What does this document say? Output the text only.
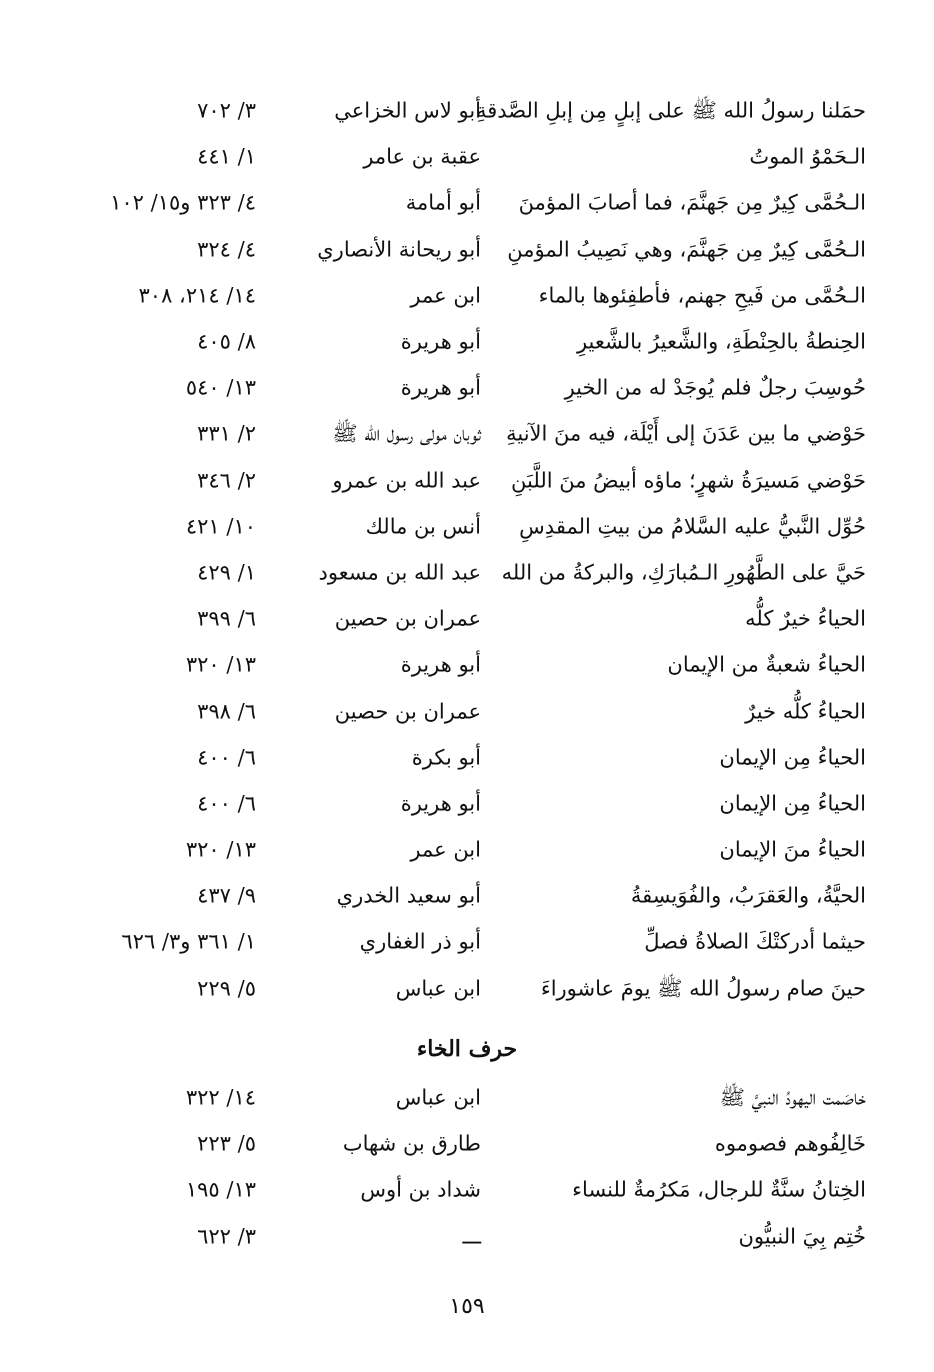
حمَلنا رسولُ الله ﷺ على إبلٍ مِن إبلِ الصَّدقةِ
أبو لاس الخزاعي
٣/ ٧٠٢
الـحَمْوُ الموتُ
عقبة بن عامر
١/ ٤٤١
الـحُمَّى كِيرٌ مِن جَهنَّمَ، فما أصابَ المؤمنَ
أبو أمامة
٤/ ٣٢٣ و١٥/ ١٠٢
الـحُمَّى كِيرٌ مِن جَهنَّمَ، وهي نَصِيبُ المؤمنِ
أبو ريحانة الأنصاري
٤/ ٣٢٤
الـحُمَّى من فَيحِ جهنم، فأطفِئوها بالماء
ابن عمر
١٤/ ٢١٤، ٣٠٨
الحِنطةُ بالحِنْطَةِ، والشَّعيرُ بالشَّعيرِ
أبو هريرة
٨/ ٤٠٥
حُوسِبَ رجلٌ فلم يُوجَدْ له من الخيرِ
أبو هريرة
١٣/ ٥٤٠
حَوْضي ما بين عَدَنَ إلى أَيْلَة، فيه منَ الآنيةِ
ثوبان مولى رسول الله ﷺ
٢/ ٣٣١
حَوْضي مَسيرَةُ شهرٍ؛ ماؤه أبيضُ منَ اللَّبَنِ
عبد الله بن عمرو
٢/ ٣٤٦
حُوِّل النَّبيُّ عليه السَّلامُ من بيتِ المقدِسِ
أنس بن مالك
١٠/ ٤٢١
حَيَّ على الطَّهُورِ الـمُبارَكِ، والبركةُ من الله
عبد الله بن مسعود
١/ ٤٢٩
الحياءُ خيرٌ كلُّه
عمران بن حصين
٦/ ٣٩٩
الحياءُ شعبةٌ من الإيمان
أبو هريرة
١٣/ ٣٢٠
الحياءُ كلُّه خيرٌ
عمران بن حصين
٦/ ٣٩٨
الحياءُ مِن الإيمان
أبو بكرة
٦/ ٤٠٠
الحياءُ مِن الإيمان
أبو هريرة
٦/ ٤٠٠
الحياءُ منَ الإيمان
ابن عمر
١٣/ ٣٢٠
الحيَّةُ، والعَقرَبُ، والفُوَيسِقةُ
أبو سعيد الخدري
٩/ ٤٣٧
حيثما أدركتْكَ الصلاةُ فصلِّ
أبو ذر الغفاري
١/ ٣٦١ و٣/ ٦٢٦
حينَ صام رسولُ الله ﷺ يومَ عاشوراءَ
ابن عباس
٥/ ٢٢٩
حرف الخاء
خاصَمت اليهودُ النبيَّ ﷺ
ابن عباس
١٤/ ٣٢٢
خَالِفُوهم فصوموه
طارق بن شهاب
٥/ ٢٢٣
الخِتانُ سنَّةٌ للرجال، مَكرُمةٌ للنساء
شداد بن أوس
١٣/ ١٩٥
خُتِم بِيَ النبيُّون
ـــ
٣/ ٦٢٢
١٥٩
